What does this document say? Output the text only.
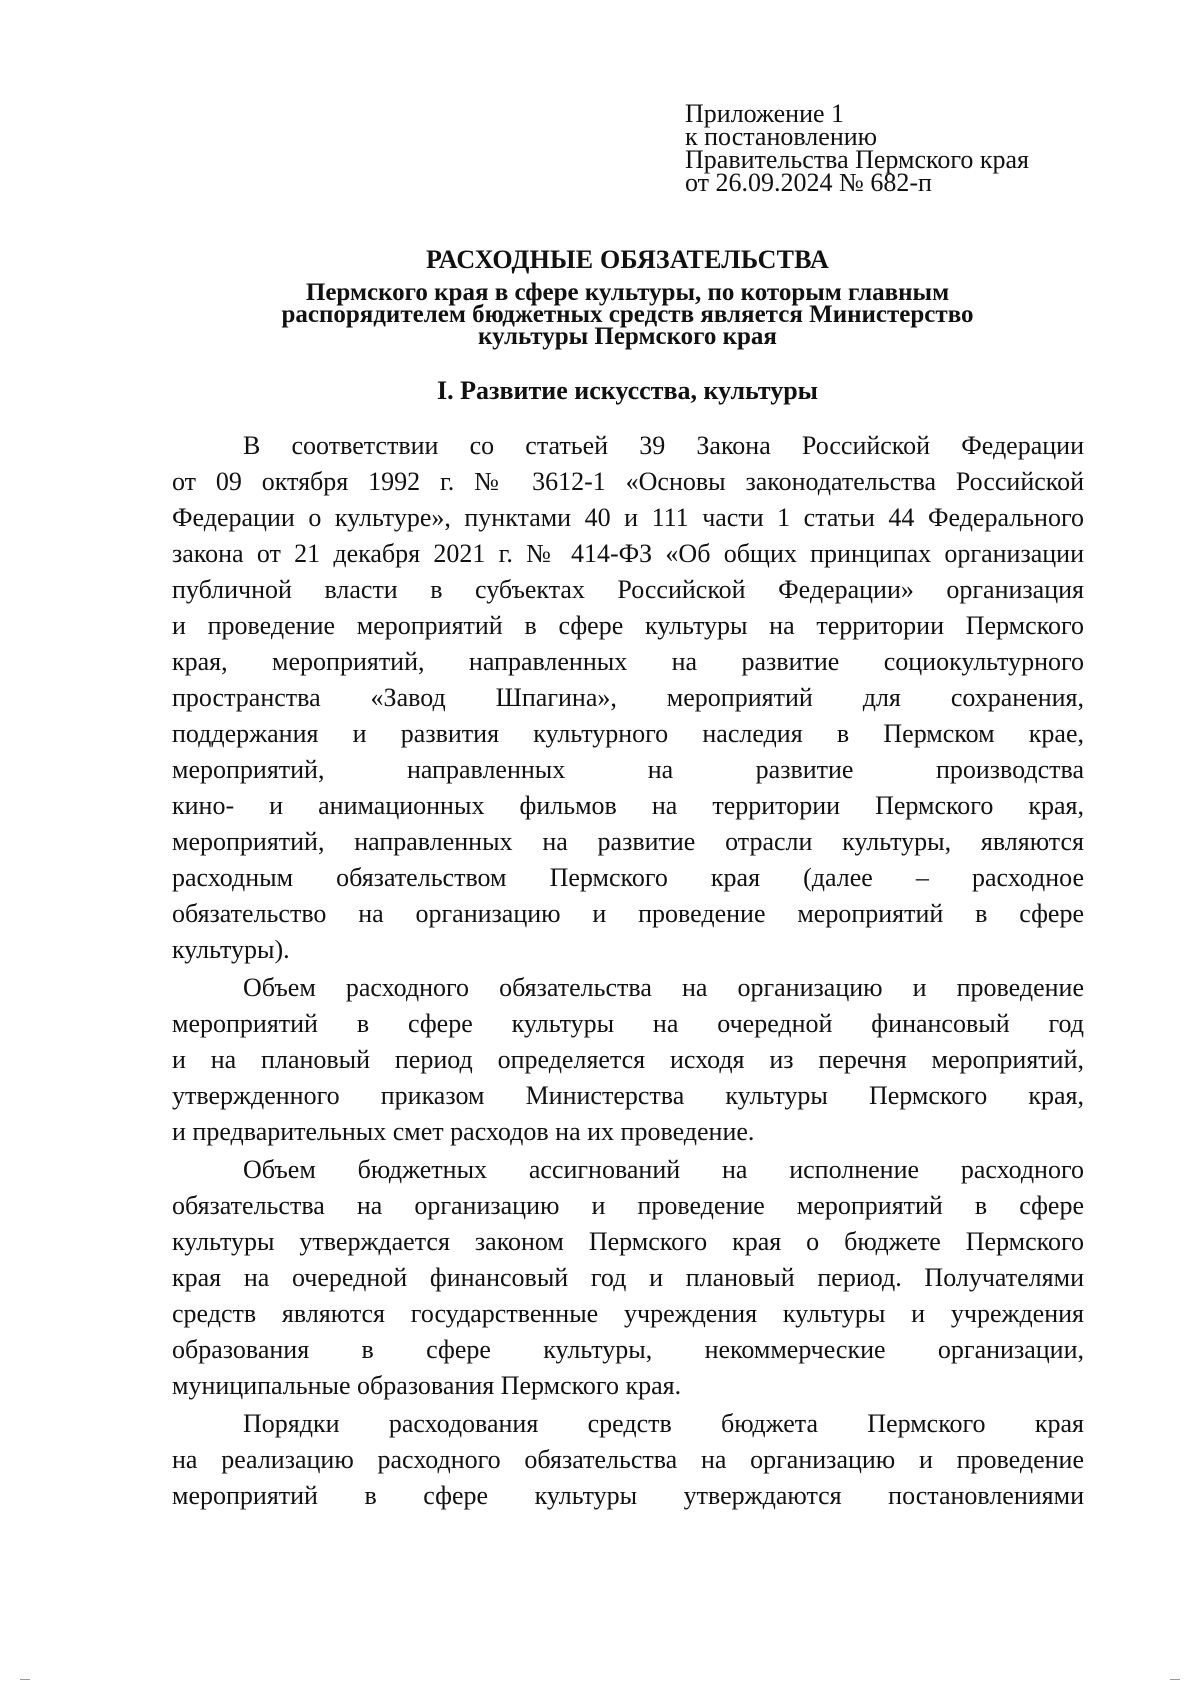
Приложение 1
к постановлению
Правительства Пермского края
от 26.09.2024 № 682-п
РАСХОДНЫЕ ОБЯЗАТЕЛЬСТВА
Пермского края в сфере культуры, по которым главным
распорядителем бюджетных средств является Министерство
культуры Пермского края
I. Развитие искусства, культуры
В соответствии со статьей 39 Закона Российской Федерации
от 09 октября 1992 г. № 3612-1 «Основы законодательства Российской
Федерации о культуре», пунктами 40 и 111 части 1 статьи 44 Федерального
закона от 21 декабря 2021 г. № 414-ФЗ «Об общих принципах организации
публичной власти в субъектах Российской Федерации» организация
и проведение мероприятий в сфере культуры на территории Пермского
края, мероприятий, направленных на развитие социокультурного
пространства «Завод Шпагина», мероприятий для сохранения,
поддержания и развития культурного наследия в Пермском крае,
мероприятий, направленных на развитие производства
кино- и анимационных фильмов на территории Пермского края,
мероприятий, направленных на развитие отрасли культуры, являются
расходным обязательством Пермского края (далее – расходное
обязательство на организацию и проведение мероприятий в сфере
культуры).
Объем расходного обязательства на организацию и проведение
мероприятий в сфере культуры на очередной финансовый год
и на плановый период определяется исходя из перечня мероприятий,
утвержденного приказом Министерства культуры Пермского края,
и предварительных смет расходов на их проведение.
Объем бюджетных ассигнований на исполнение расходного
обязательства на организацию и проведение мероприятий в сфере
культуры утверждается законом Пермского края о бюджете Пермского
края на очередной финансовый год и плановый период. Получателями
средств являются государственные учреждения культуры и учреждения
образования в сфере культуры, некоммерческие организации,
муниципальные образования Пермского края.
Порядки расходования средств бюджета Пермского края
на реализацию расходного обязательства на организацию и проведение
мероприятий в сфере культуры утверждаются постановлениями
